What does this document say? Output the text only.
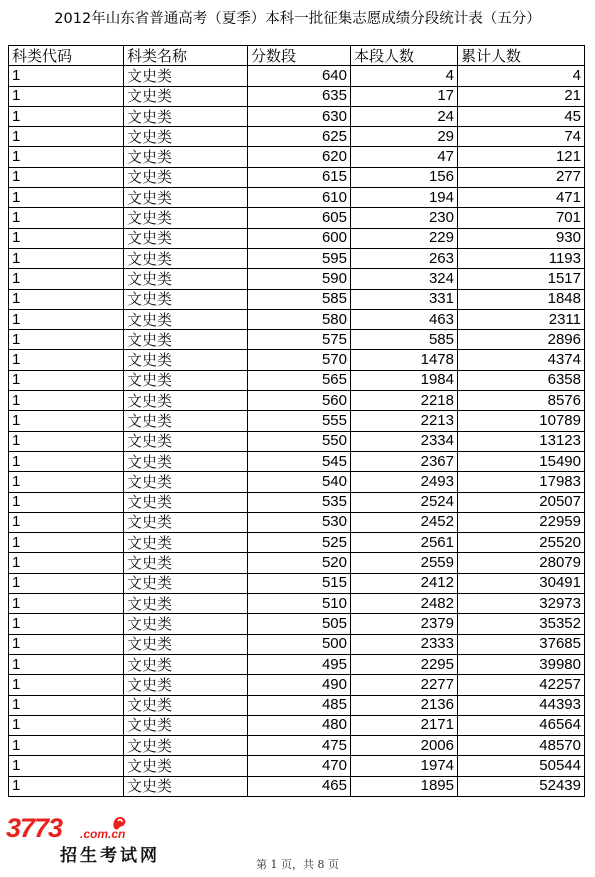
2012年山东省普通高考（夏季）本科一批征集志愿成绩分段统计表（五分）
科类代码	科类名称	分数段	本段人数	累计人数
1	文史类	640	4	4
1	文史类	635	17	21
1	文史类	630	24	45
1	文史类	625	29	74
1	文史类	620	47	121
1	文史类	615	156	277
1	文史类	610	194	471
1	文史类	605	230	701
1	文史类	600	229	930
1	文史类	595	263	1193
1	文史类	590	324	1517
1	文史类	585	331	1848
1	文史类	580	463	2311
1	文史类	575	585	2896
1	文史类	570	1478	4374
1	文史类	565	1984	6358
1	文史类	560	2218	8576
1	文史类	555	2213	10789
1	文史类	550	2334	13123
1	文史类	545	2367	15490
1	文史类	540	2493	17983
1	文史类	535	2524	20507
1	文史类	530	2452	22959
1	文史类	525	2561	25520
1	文史类	520	2559	28079
1	文史类	515	2412	30491
1	文史类	510	2482	32973
1	文史类	505	2379	35352
1	文史类	500	2333	37685
1	文史类	495	2295	39980
1	文史类	490	2277	42257
1	文史类	485	2136	44393
1	文史类	480	2171	46564
1	文史类	475	2006	48570
1	文史类	470	1974	50544
1	文史类	465	1895	52439
3773 .com.cn
招生考试网	第 1 页，共 8 页
